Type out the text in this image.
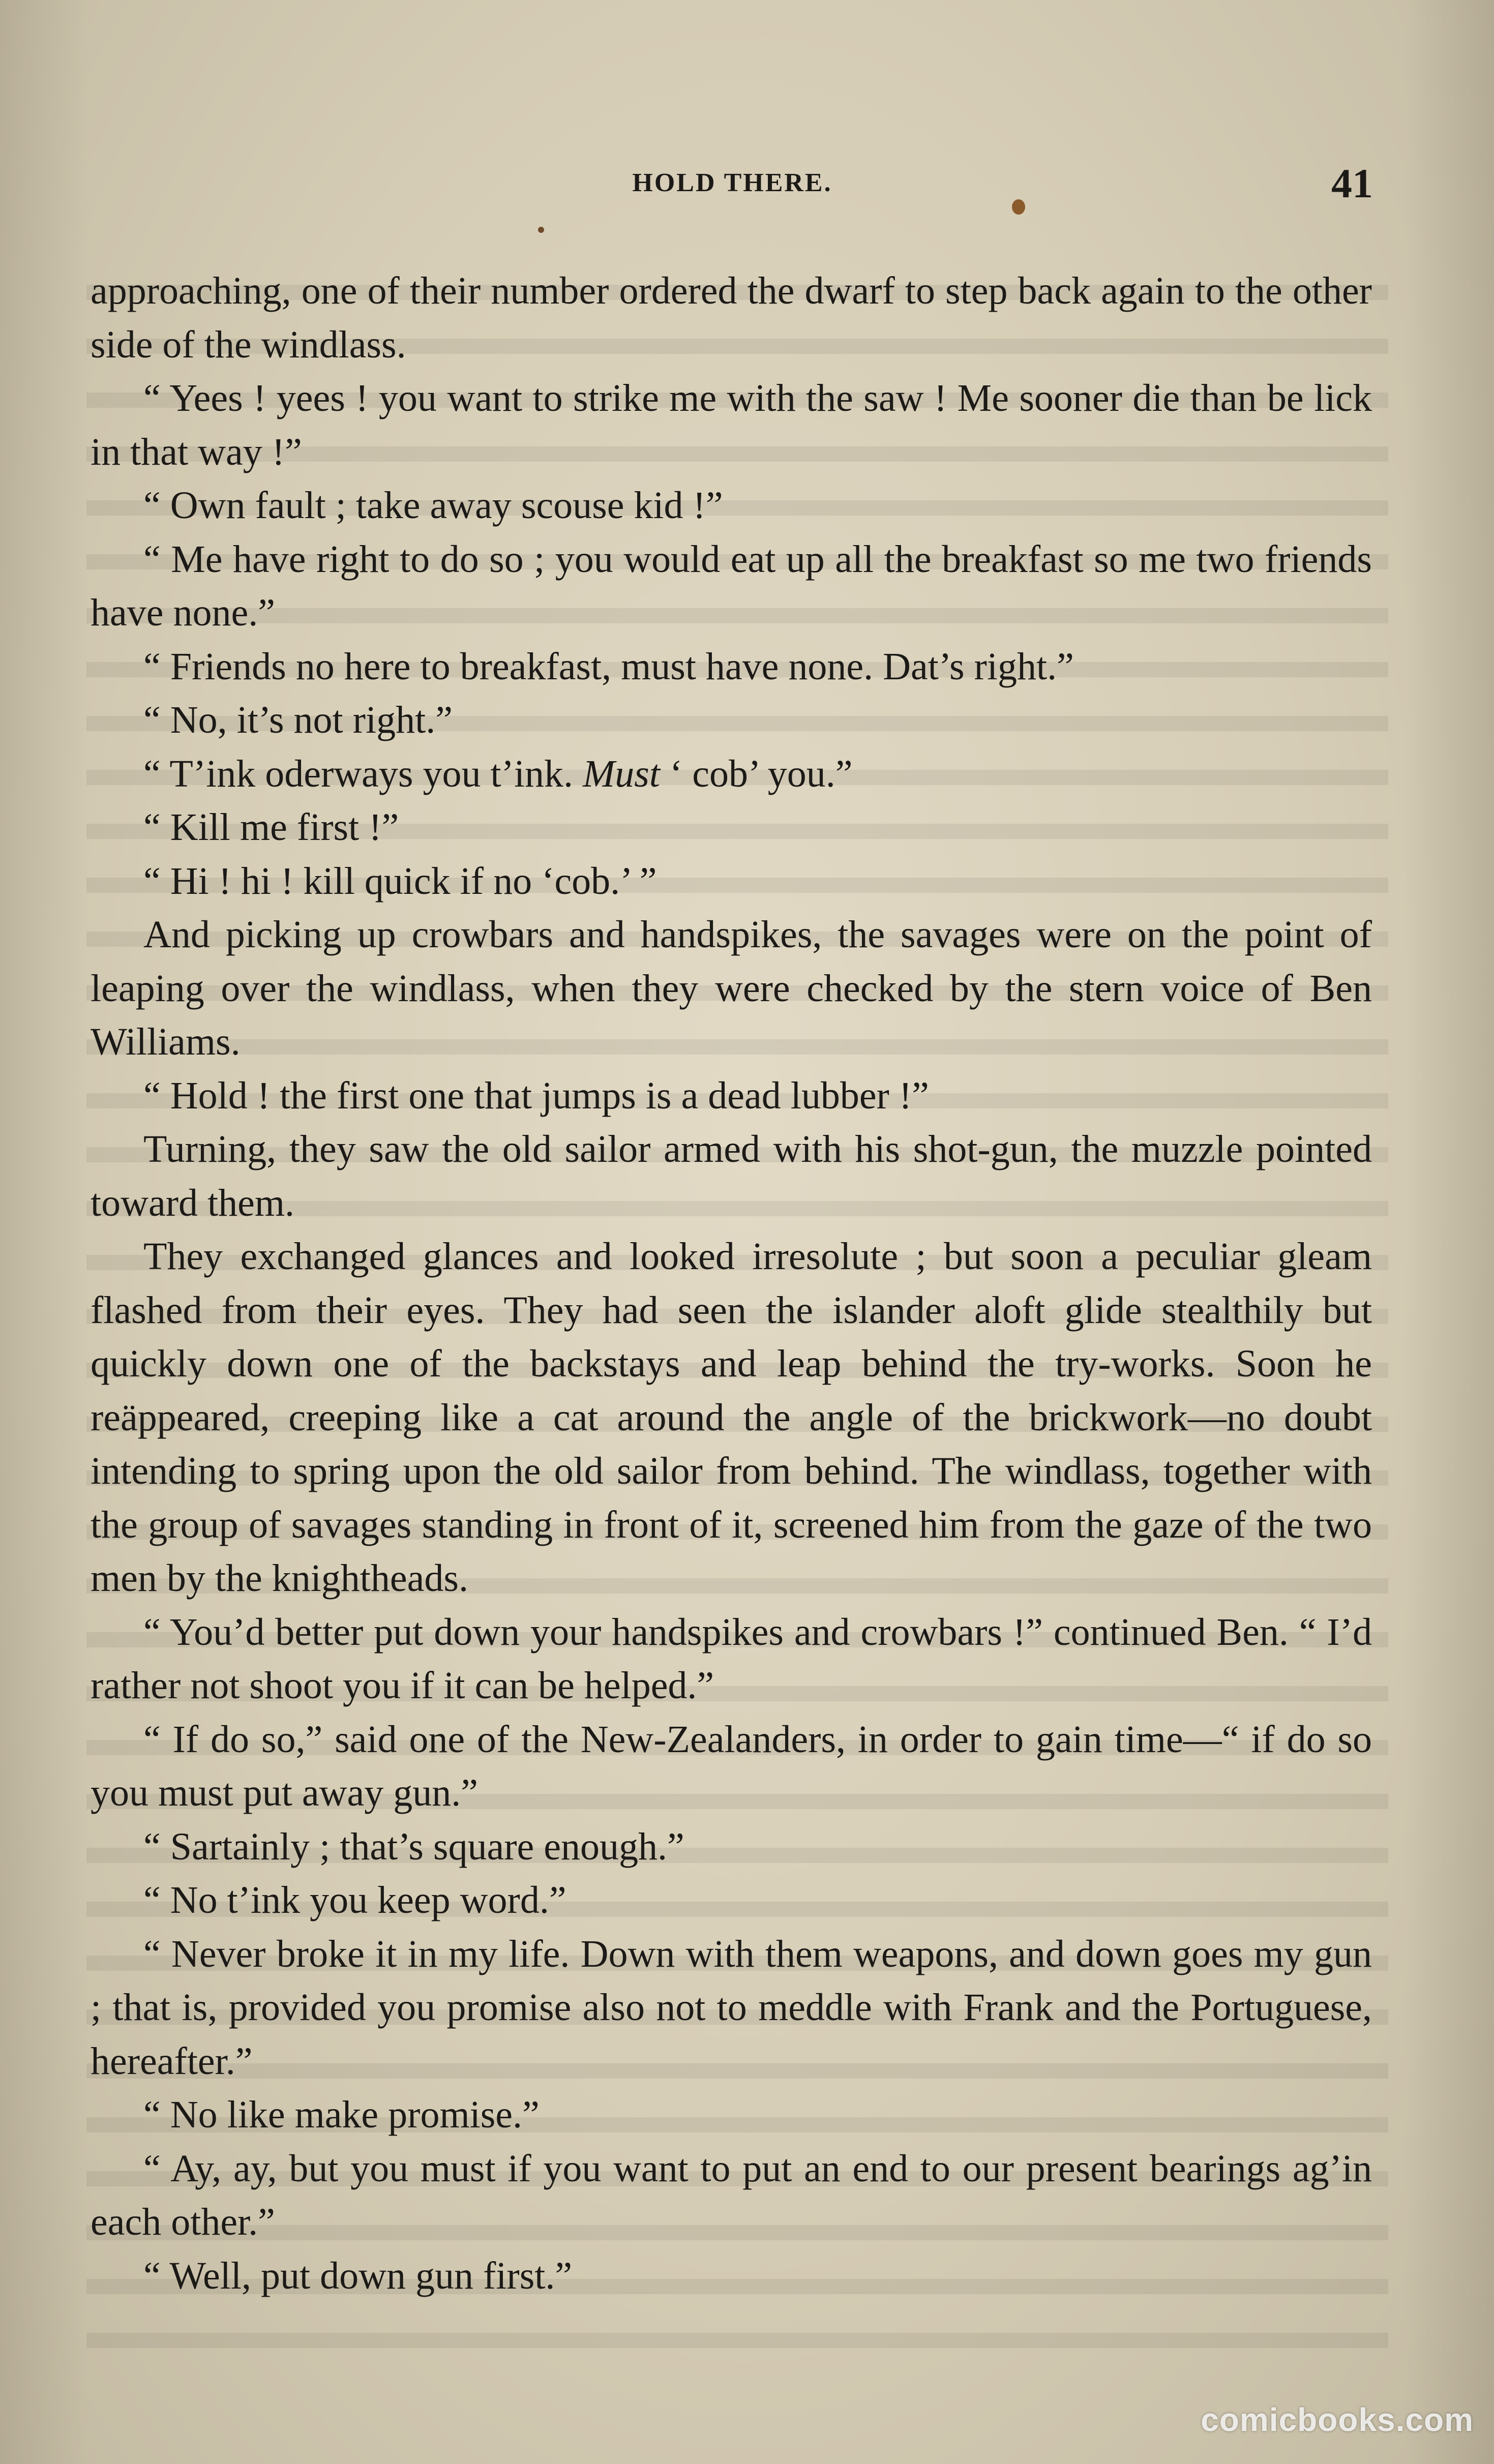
HOLD THERE.	41

approaching, one of their number ordered the dwarf to step back again to the other side of the windlass.

“ Yees ! yees ! you want to strike me with the saw ! Me sooner die than be lick in that way !”

“ Own fault ; take away scouse kid !”

“ Me have right to do so ; you would eat up all the breakfast so me two friends have none.”

“ Friends no here to breakfast, must have none. Dat’s right.”

“ No, it’s not right.”

“ T’ink oderways you t’ink. Must ‘ cob’ you.”

“ Kill me first !”

“ Hi ! hi ! kill quick if no ‘cob.’ ”

And picking up crowbars and handspikes, the savages were on the point of leaping over the windlass, when they were checked by the stern voice of Ben Williams.

“ Hold ! the first one that jumps is a dead lubber !”

Turning, they saw the old sailor armed with his shot-gun, the muzzle pointed toward them.

They exchanged glances and looked irresolute ; but soon a peculiar gleam flashed from their eyes. They had seen the islander aloft glide stealthily but quickly down one of the backstays and leap behind the try-works. Soon he reäppeared, creeping like a cat around the angle of the brickwork—no doubt intending to spring upon the old sailor from behind. The windlass, together with the group of savages standing in front of it, screened him from the gaze of the two men by the knightheads.

“ You’d better put down your handspikes and crowbars !” continued Ben. “ I’d rather not shoot you if it can be helped.”

“ If do so,” said one of the New-Zealanders, in order to gain time—“ if do so you must put away gun.”

“ Sartainly ; that’s square enough.”

“ No t’ink you keep word.”

“ Never broke it in my life. Down with them weapons, and down goes my gun ; that is, provided you promise also not to meddle with Frank and the Portuguese, hereafter.”

“ No like make promise.”

“ Ay, ay, but you must if you want to put an end to our present bearings ag’in each other.”

“ Well, put down gun first.”

comicbooks.com
